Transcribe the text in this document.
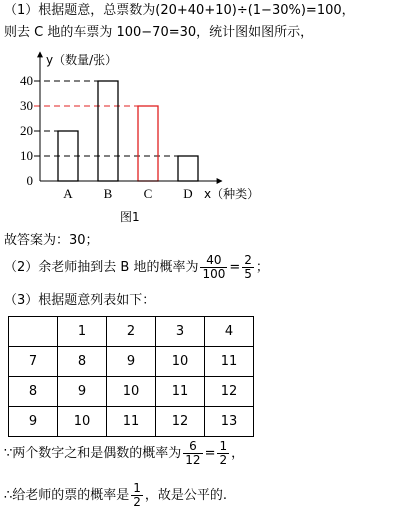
（1）根据题意，总票数为(20+40+10)÷(1−30%)=100，
则去 C 地的车票为 100−70=30，统计图如图所示，
0
10
20
30
40
A B C D
y（数量/张）
x（种类）
图1
故答案为：30；
（2）余老师抽到去 B 地的概率为 $\frac{40}{100} = \frac{2}{5}$ ；
（3）根据题意列表如下：
	1	2	3	4
7	8	9	10	11
8	9	10	11	12
9	10	11	12	13
∵两个数字之和是偶数的概率为 $\frac{6}{12} = \frac{1}{2}$ ，
∴给老师的票的概率是 $\frac{1}{2}$ ，故是公平的.
